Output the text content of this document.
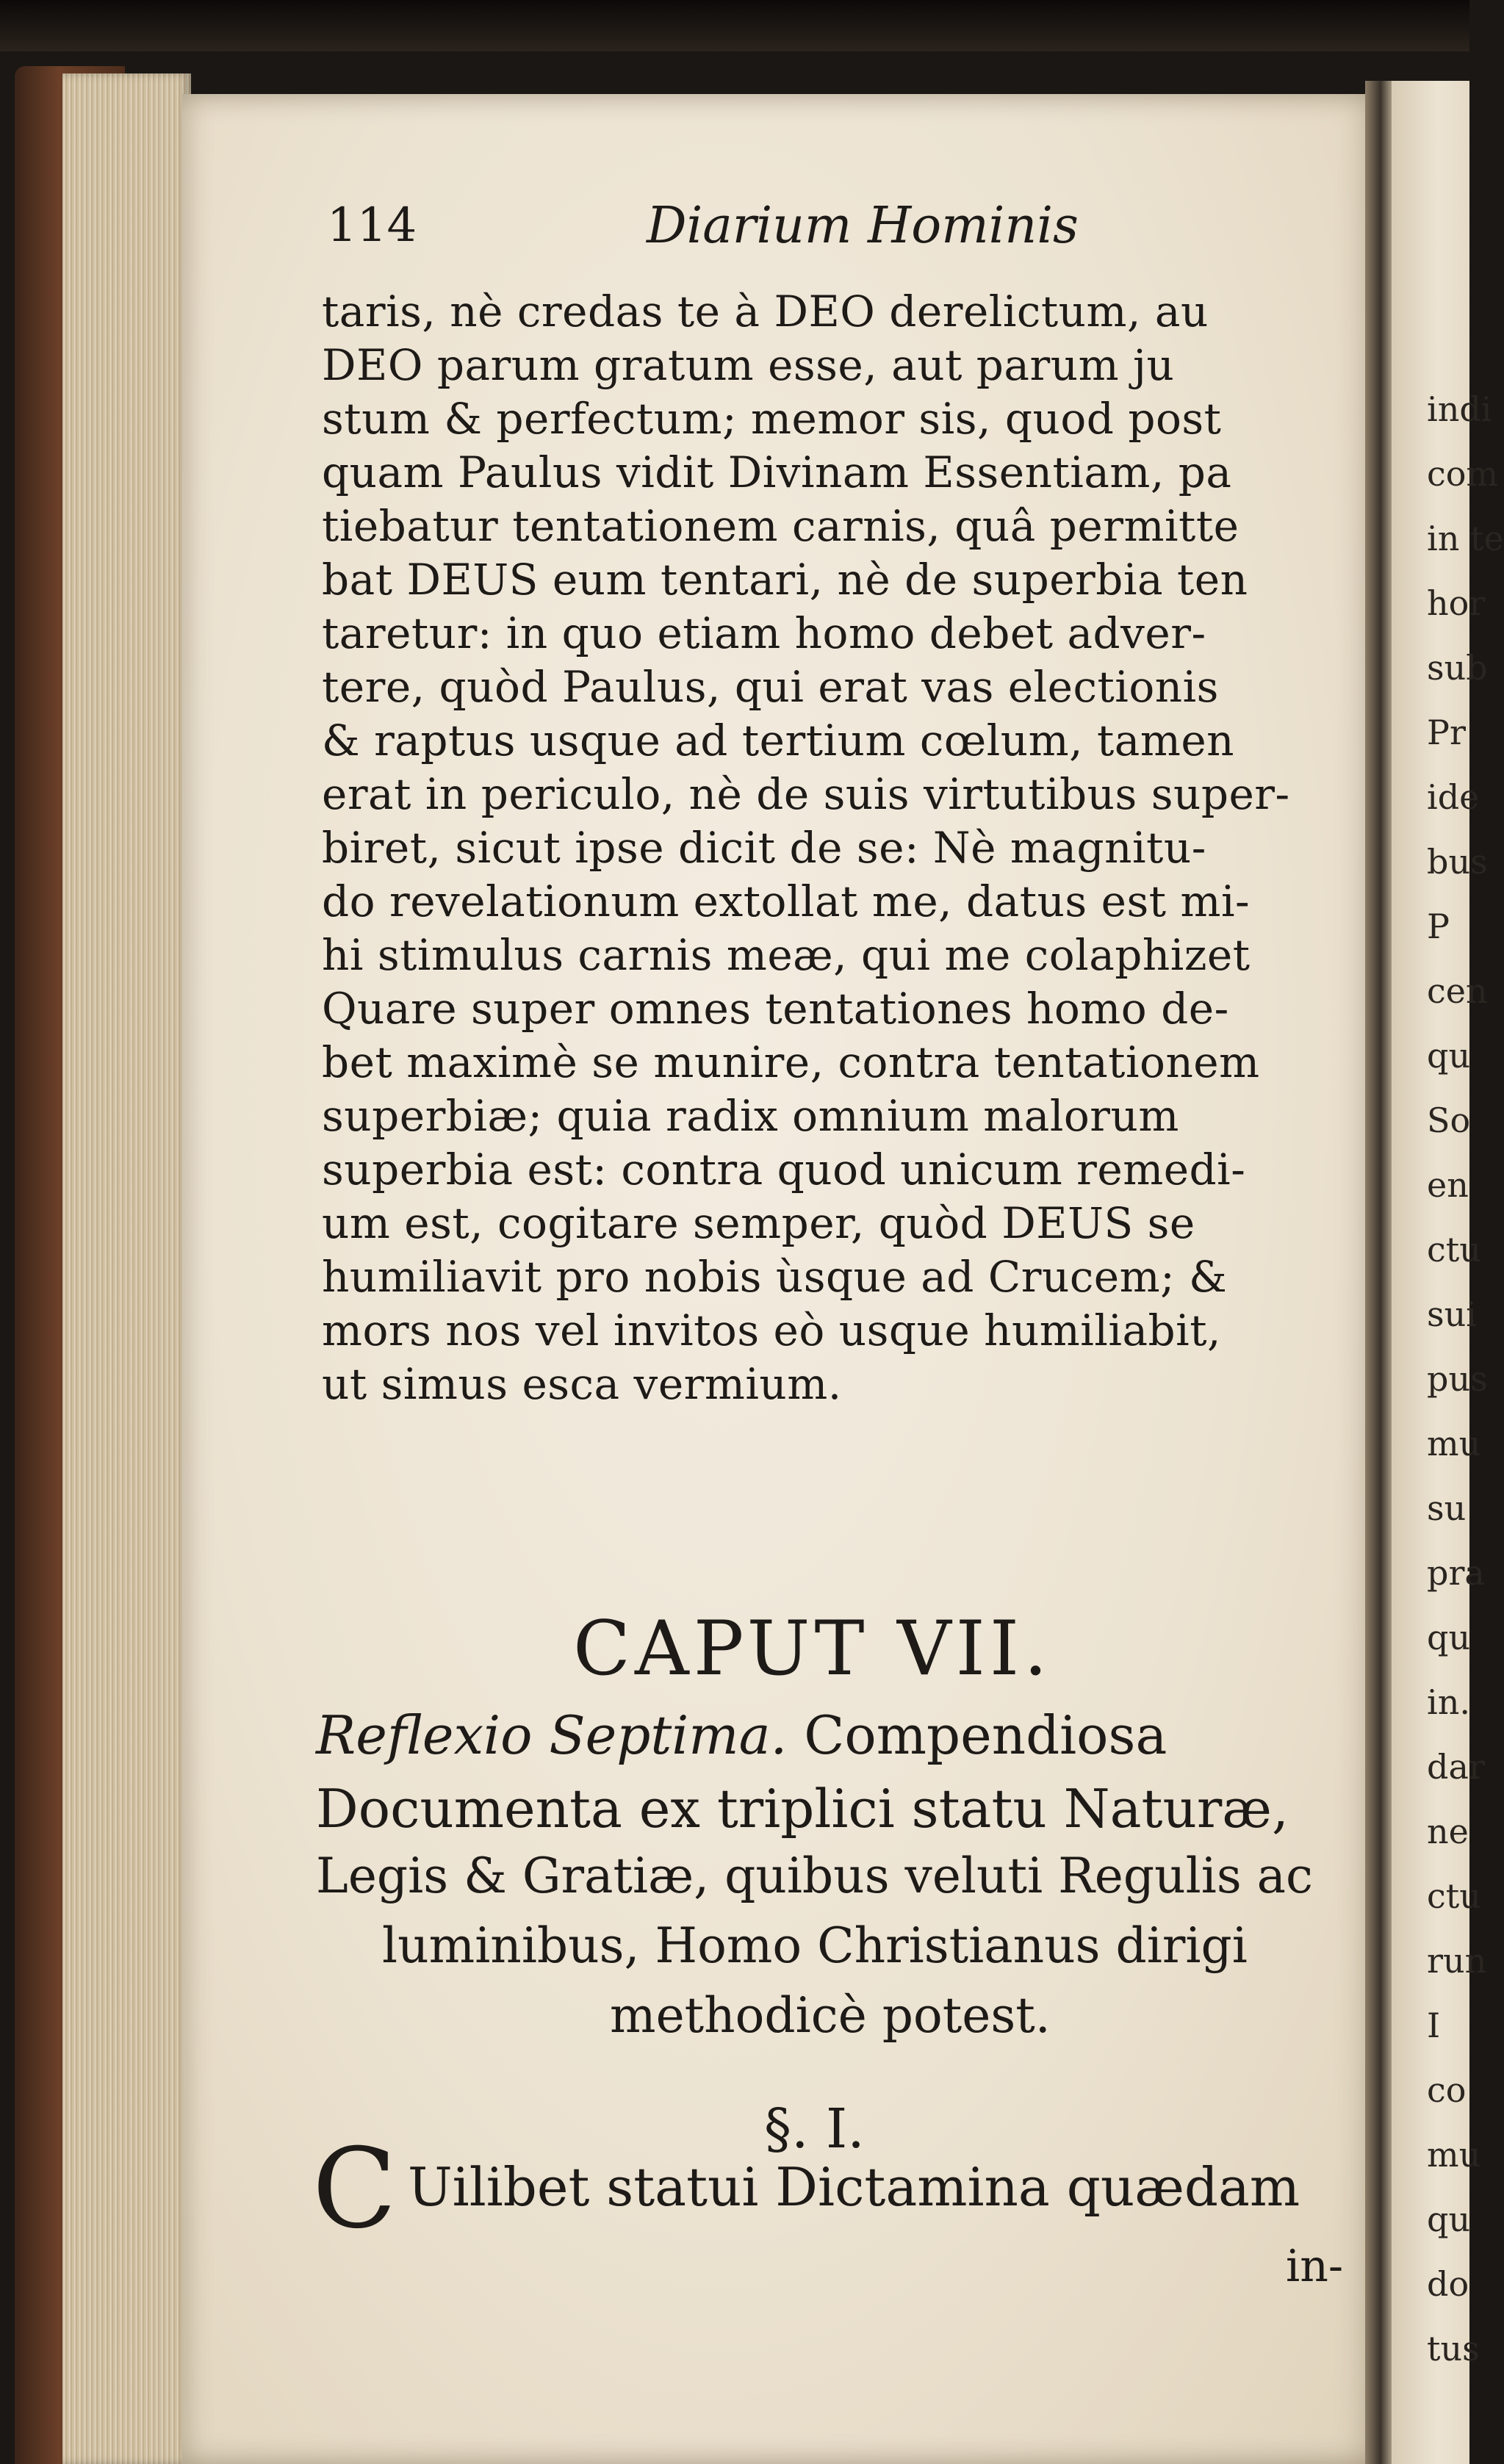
114	Diarium Hominis
taris, nè credas te à DEO derelictum, au
DEO parum gratum esse, aut parum ju
stum & perfectum; memor sis, quod post
quam Paulus vidit Divinam Essentiam, pa
tiebatur tentationem carnis, quâ permitte
bat DEUS eum tentari, nè de superbia ten
taretur: in quo etiam homo debet adver-
tere, quòd Paulus, qui erat vas electionis
& raptus usque ad tertium cœlum, tamen
erat in periculo, nè de suis virtutibus super-
biret, sicut ipse dicit de se: Nè magnitu-
do revelationum extollat me, datus est mi-
hi stimulus carnis meæ, qui me colaphizet
Quare super omnes tentationes homo de-
bet maximè se munire, contra tentationem
superbiæ; quia radix omnium malorum
superbia est: contra quod unicum remedi-
um est, cogitare semper, quòd DEUS se
humiliavit pro nobis ùsque ad Crucem; &
mors nos vel invitos eò usque humiliabit,
ut simus esca vermium.
CAPUT VII.
Reflexio Septima. Compendiosa
Documenta ex triplici statu Naturæ,
Legis & Gratiæ, quibus veluti Regulis ac
luminibus, Homo Christianus dirigi
methodicè potest.
§. I.
C Uilibet statui Dictamina quædam
in-
indi
com
in te
hor
sub
Pr
ide
bus
P
cen
qu
So
en
ctu
sui
pus
mu
su
pra
qu
in.
dar
ne
ctu
run
I
co
mu
qu
do
tus
